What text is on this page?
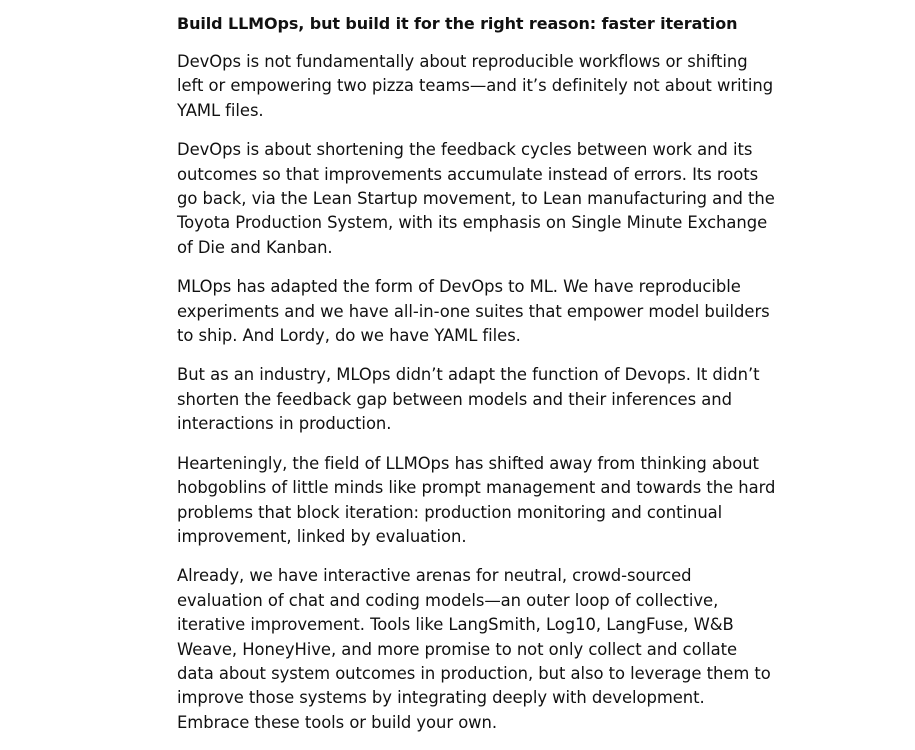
Build LLMOps, but build it for the right reason: faster iteration

DevOps is not fundamentally about reproducible workflows or shifting left or empowering two pizza teams—and it’s definitely not about writing YAML files.

DevOps is about shortening the feedback cycles between work and its outcomes so that improvements accumulate instead of errors. Its roots go back, via the Lean Startup movement, to Lean manufacturing and the Toyota Production System, with its emphasis on Single Minute Exchange of Die and Kanban.

MLOps has adapted the form of DevOps to ML. We have reproducible experiments and we have all-in-one suites that empower model builders to ship. And Lordy, do we have YAML files.

But as an industry, MLOps didn’t adapt the function of Devops. It didn’t shorten the feedback gap between models and their inferences and interactions in production.

Hearteningly, the field of LLMOps has shifted away from thinking about hobgoblins of little minds like prompt management and towards the hard problems that block iteration: production monitoring and continual improvement, linked by evaluation.

Already, we have interactive arenas for neutral, crowd-sourced evaluation of chat and coding models—an outer loop of collective, iterative improvement. Tools like LangSmith, Log10, LangFuse, W&B Weave, HoneyHive, and more promise to not only collect and collate data about system outcomes in production, but also to leverage them to improve those systems by integrating deeply with development. Embrace these tools or build your own.
